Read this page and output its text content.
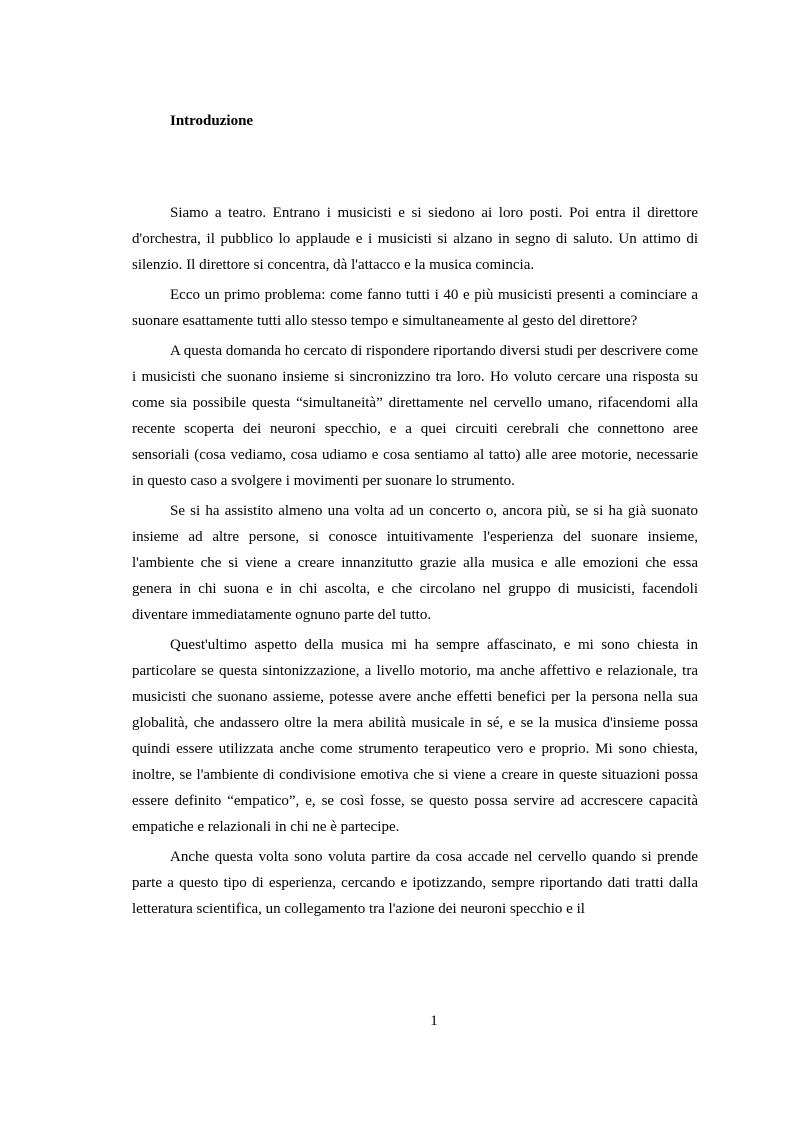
Introduzione

Siamo a teatro. Entrano i musicisti e si siedono ai loro posti. Poi entra il direttore d'orchestra, il pubblico lo applaude e i musicisti si alzano in segno di saluto. Un attimo di silenzio. Il direttore si concentra, dà l'attacco e la musica comincia.

Ecco un primo problema: come fanno tutti i 40 e più musicisti presenti a cominciare a suonare esattamente tutti allo stesso tempo e simultaneamente al gesto del direttore?

A questa domanda ho cercato di rispondere riportando diversi studi per descrivere come i musicisti che suonano insieme si sincronizzino tra loro. Ho voluto cercare una risposta su come sia possibile questa “simultaneità” direttamente nel cervello umano, rifacendomi alla recente scoperta dei neuroni specchio, e a quei circuiti cerebrali che connettono aree sensoriali (cosa vediamo, cosa udiamo e cosa sentiamo al tatto) alle aree motorie, necessarie in questo caso a svolgere i movimenti per suonare lo strumento.

Se si ha assistito almeno una volta ad un concerto o, ancora più, se si ha già suonato insieme ad altre persone, si conosce intuitivamente l'esperienza del suonare insieme, l'ambiente che si viene a creare innanzitutto grazie alla musica e alle emozioni che essa genera in chi suona e in chi ascolta, e che circolano nel gruppo di musicisti, facendoli diventare immediatamente ognuno parte del tutto.

Quest'ultimo aspetto della musica mi ha sempre affascinato, e mi sono chiesta in particolare se questa sintonizzazione, a livello motorio, ma anche affettivo e relazionale, tra musicisti che suonano assieme, potesse avere anche effetti benefici per la persona nella sua globalità, che andassero oltre la mera abilità musicale in sé, e se la musica d'insieme possa quindi essere utilizzata anche come strumento terapeutico vero e proprio. Mi sono chiesta, inoltre, se l'ambiente di condivisione emotiva che si viene a creare in queste situazioni possa essere definito “empatico”, e, se così fosse, se questo possa servire ad accrescere capacità empatiche e relazionali in chi ne è partecipe.

Anche questa volta sono voluta partire da cosa accade nel cervello quando si prende parte a questo tipo di esperienza, cercando e ipotizzando, sempre riportando dati tratti dalla letteratura scientifica, un collegamento tra l'azione dei neuroni specchio e il

1
